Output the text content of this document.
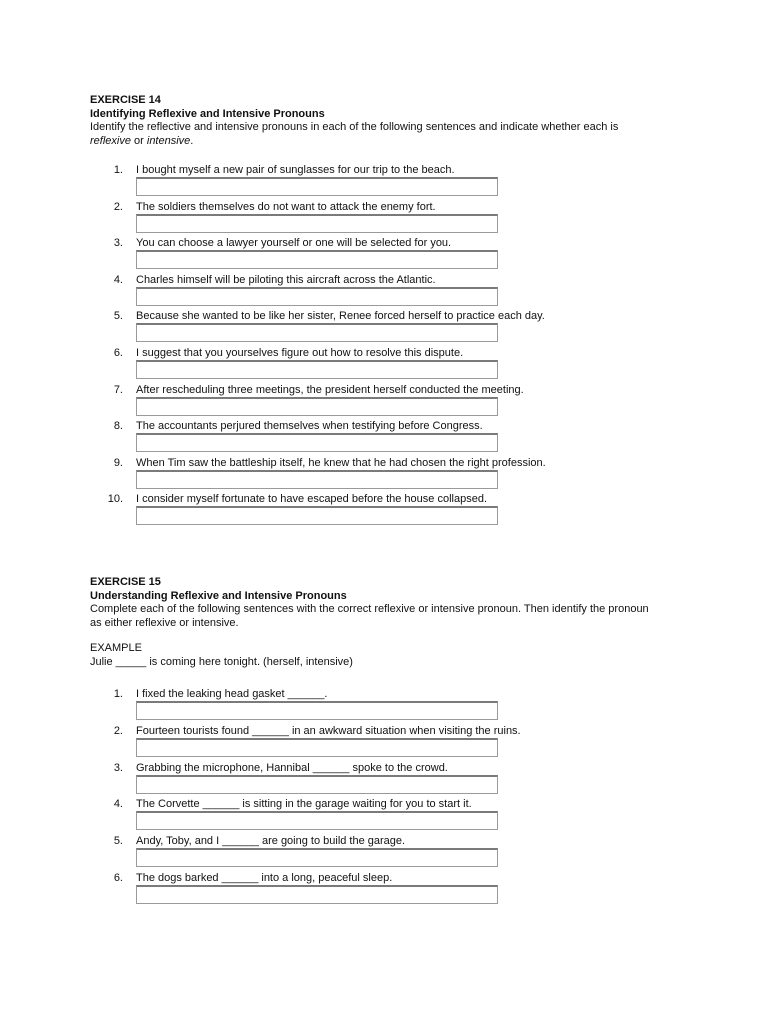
EXERCISE 14
Identifying Reflexive and Intensive Pronouns
Identify the reflective and intensive pronouns in each of the following sentences and indicate whether each is reflexive or intensive.
1. I bought myself a new pair of sunglasses for our trip to the beach.
2. The soldiers themselves do not want to attack the enemy fort.
3. You can choose a lawyer yourself or one will be selected for you.
4. Charles himself will be piloting this aircraft across the Atlantic.
5. Because she wanted to be like her sister, Renee forced herself to practice each day.
6. I suggest that you yourselves figure out how to resolve this dispute.
7. After rescheduling three meetings, the president herself conducted the meeting.
8. The accountants perjured themselves when testifying before Congress.
9. When Tim saw the battleship itself, he knew that he had chosen the right profession.
10. I consider myself fortunate to have escaped before the house collapsed.
EXERCISE 15
Understanding Reflexive and Intensive Pronouns
Complete each of the following sentences with the correct reflexive or intensive pronoun. Then identify the pronoun as either reflexive or intensive.
EXAMPLE
Julie _____ is coming here tonight. (herself, intensive)
1. I fixed the leaking head gasket ______.
2. Fourteen tourists found ______ in an awkward situation when visiting the ruins.
3. Grabbing the microphone, Hannibal ______ spoke to the crowd.
4. The Corvette ______ is sitting in the garage waiting for you to start it.
5. Andy, Toby, and I ______ are going to build the garage.
6. The dogs barked ______ into a long, peaceful sleep.
